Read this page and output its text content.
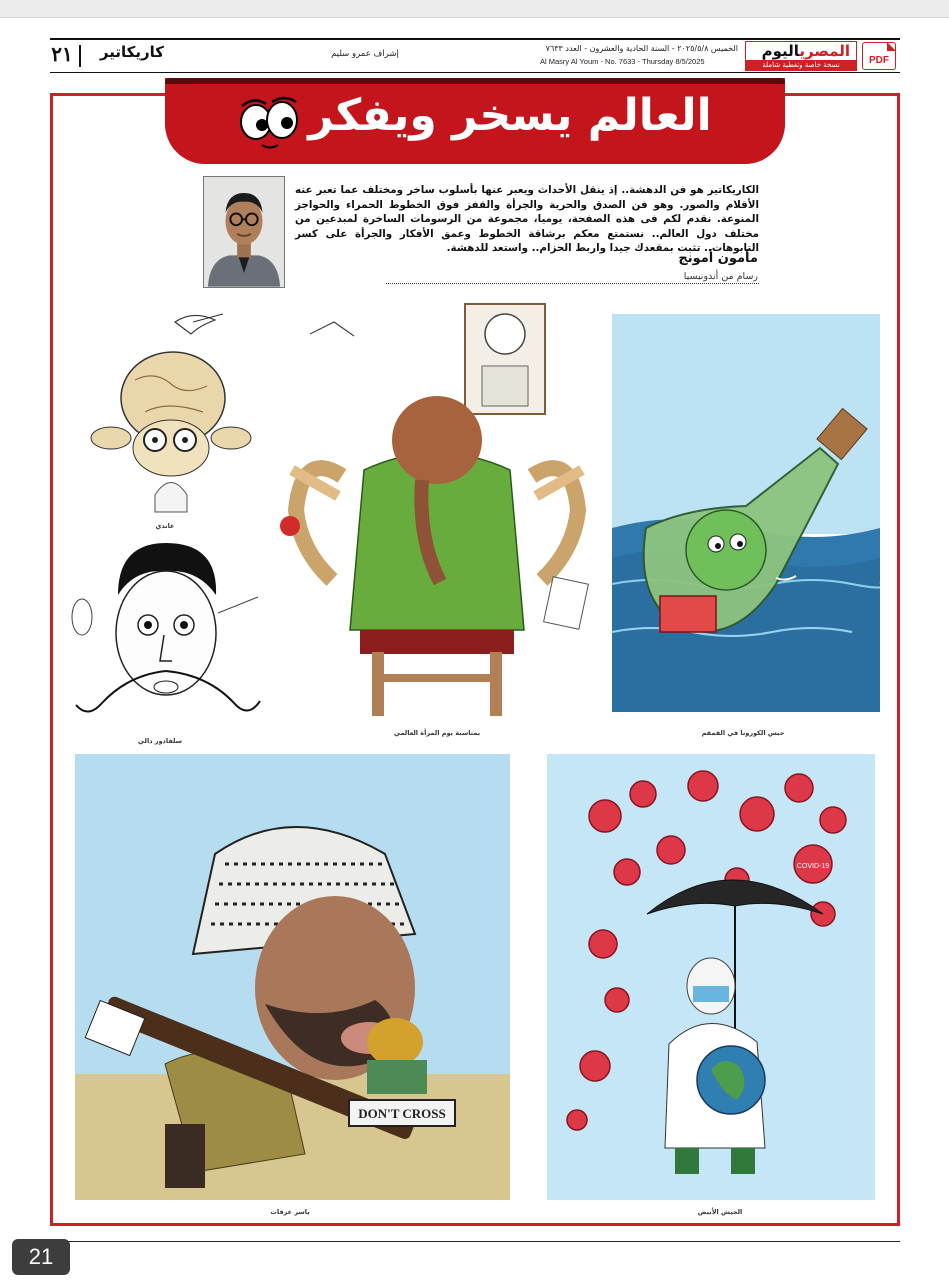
PDF
المصرياليوم
نسخة خاصة وتغطية شاملة
الخميس ٢٠٢٥/٥/٨ - السنة الحادية والعشرون - العدد ٧٦٣٣
Al Masry Al Youm - No. 7633 - Thursday 8/5/2025
إشراف عمرو سليم
كاريكاتير
٢١
العالم يسخر ويفكر
الكاريكاتير هو فن الدهشة.. إذ ينقل الأحداث ويعبر عنها بأسلوب ساخر ومختلف عما تعبر عنه الأقلام والصور. وهو فن الصدق والحرية والجرأة والقفز فوق الخطوط الحمراء والحواجز المنوعة. نقدم لكم فى هذه الصفحة، يوميا، مجموعة من الرسومات الساخرة لمبدعين من مختلف دول العالم.. نستمتع معكم برشاقة الخطوط وعمق الأفكار والجرأة على كسر التابوهات.. تثبت بمقعدك جيدا واربط الحزام.. واستعد للدهشة.
مأمون أمونج
رسام من أندونيسيا
غاندي
سلفادور دالي
بمناسبة يوم المرأة العالمي	حبس الكورونا في القمقم
DON'T CROSS
ياسر عرفات
COVID-19
الجيش الأبيض
21
